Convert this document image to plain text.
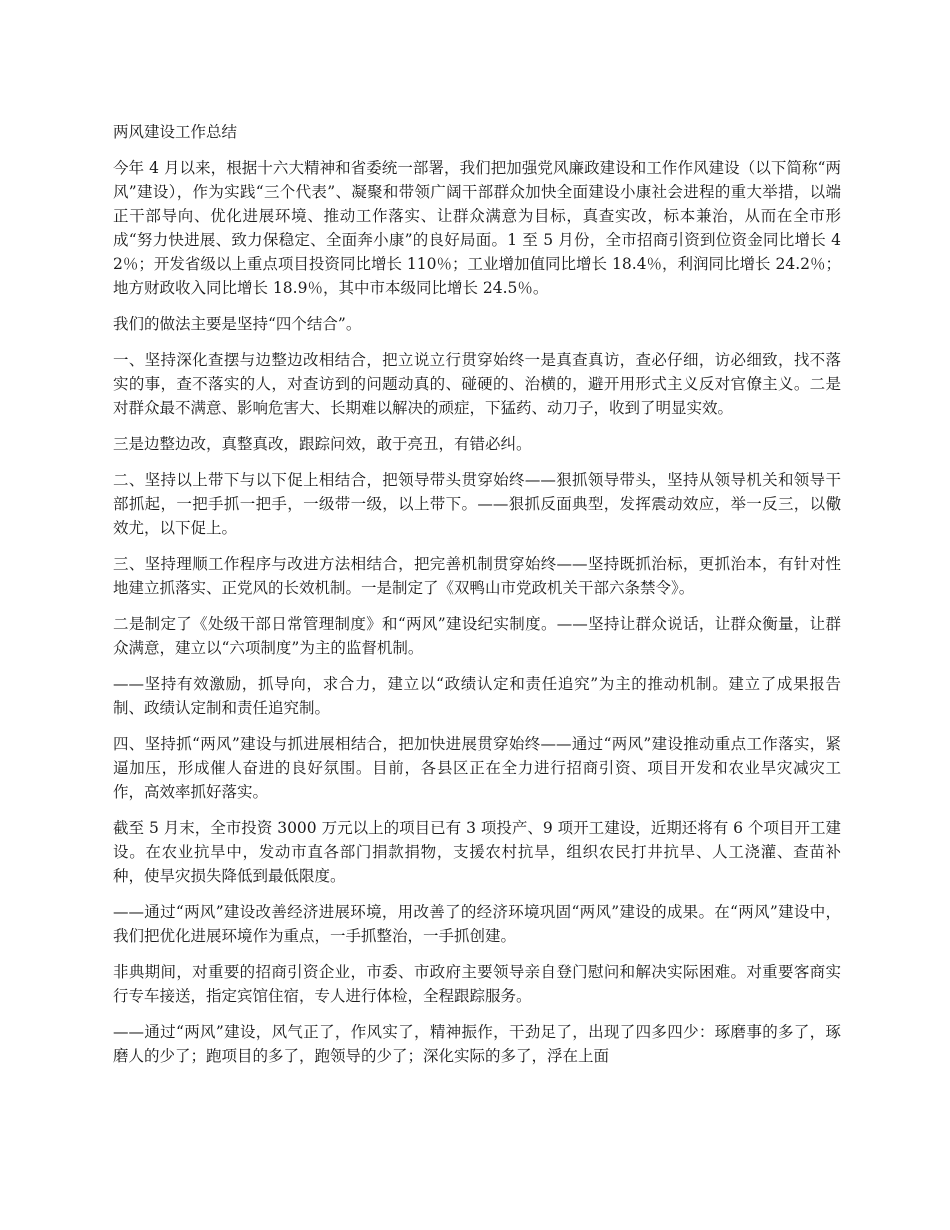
两风建设工作总结

今年 4 月以来，根据十六大精神和省委统一部署，我们把加强党风廉政建设和工作作风建设（以下简称“两风”建设），作为实践“三个代表”、凝聚和带领广阔干部群众加快全面建设小康社会进程的重大举措，以端正干部导向、优化进展环境、推动工作落实、让群众满意为目标，真查实改，标本兼治，从而在全市形成“努力快进展、致力保稳定、全面奔小康”的良好局面。1 至 5 月份，全市招商引资到位资金同比增长 42％；开发省级以上重点项目投资同比增长 110％；工业增加值同比增长 18.4％，利润同比增长 24.2％；地方财政收入同比增长 18.9％，其中市本级同比增长 24.5％。

我们的做法主要是坚持“四个结合”。

一、坚持深化查摆与边整边改相结合，把立说立行贯穿始终一是真查真访，查必仔细，访必细致，找不落实的事，查不落实的人，对查访到的问题动真的、碰硬的、治横的，避开用形式主义反对官僚主义。二是对群众最不满意、影响危害大、长期难以解决的顽症，下猛药、动刀子，收到了明显实效。

三是边整边改，真整真改，跟踪问效，敢于亮丑，有错必纠。

二、坚持以上带下与以下促上相结合，把领导带头贯穿始终——狠抓领导带头，坚持从领导机关和领导干部抓起，一把手抓一把手，一级带一级，以上带下。——狠抓反面典型，发挥震动效应，举一反三，以儆效尤，以下促上。

三、坚持理顺工作程序与改进方法相结合，把完善机制贯穿始终——坚持既抓治标，更抓治本，有针对性地建立抓落实、正党风的长效机制。一是制定了《双鸭山市党政机关干部六条禁令》。

二是制定了《处级干部日常管理制度》和“两风”建设纪实制度。——坚持让群众说话，让群众衡量，让群众满意，建立以“六项制度”为主的监督机制。

——坚持有效激励，抓导向，求合力，建立以“政绩认定和责任追究”为主的推动机制。建立了成果报告制、政绩认定制和责任追究制。

四、坚持抓“两风”建设与抓进展相结合，把加快进展贯穿始终——通过“两风”建设推动重点工作落实，紧逼加压，形成催人奋进的良好氛围。目前，各县区正在全力进行招商引资、项目开发和农业旱灾减灾工作，高效率抓好落实。

截至 5 月末，全市投资 3000 万元以上的项目已有 3 项投产、9 项开工建设，近期还将有 6 个项目开工建设。在农业抗旱中，发动市直各部门捐款捐物，支援农村抗旱，组织农民打井抗旱、人工浇灌、查苗补种，使旱灾损失降低到最低限度。

——通过“两风”建设改善经济进展环境，用改善了的经济环境巩固“两风”建设的成果。在“两风”建设中，我们把优化进展环境作为重点，一手抓整治，一手抓创建。

非典期间，对重要的招商引资企业，市委、市政府主要领导亲自登门慰问和解决实际困难。对重要客商实行专车接送，指定宾馆住宿，专人进行体检，全程跟踪服务。

——通过“两风”建设，风气正了，作风实了，精神振作，干劲足了，出现了四多四少：琢磨事的多了，琢磨人的少了；跑项目的多了，跑领导的少了；深化实际的多了，浮在上面
